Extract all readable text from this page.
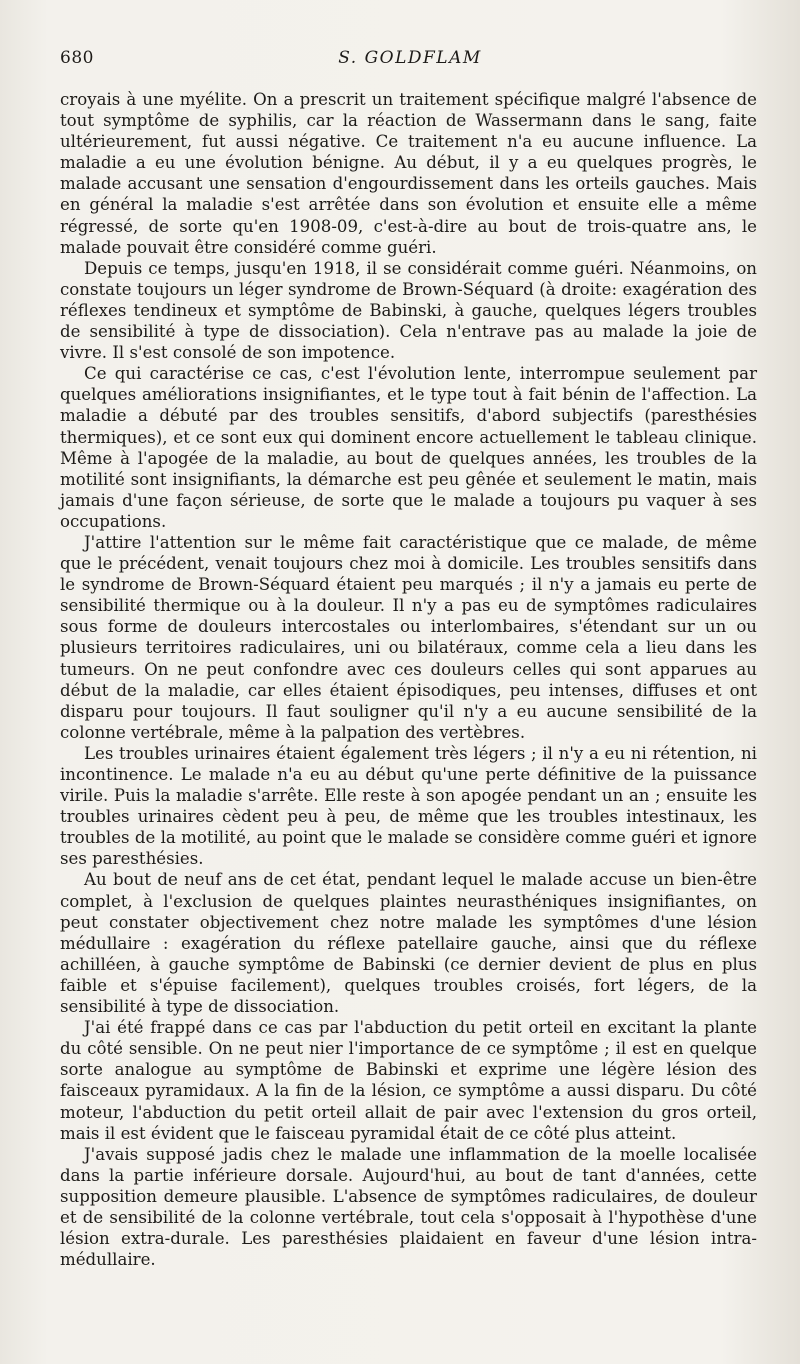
680	S. GOLDFLAM

croyais à une myélite. On a prescrit un traitement spécifique malgré l'absence de tout symptôme de syphilis, car la réaction de Wassermann dans le sang, faite ultérieurement, fut aussi négative. Ce traitement n'a eu aucune influence. La maladie a eu une évolution bénigne. Au début, il y a eu quelques progrès, le malade accusant une sensation d'engourdissement dans les orteils gauches. Mais en général la maladie s'est arrêtée dans son évolution et ensuite elle a même régressé, de sorte qu'en 1908-09, c'est-à-dire au bout de trois-quatre ans, le malade pouvait être considéré comme guéri.

Depuis ce temps, jusqu'en 1918, il se considérait comme guéri. Néanmoins, on constate toujours un léger syndrome de Brown-Séquard (à droite: exagération des réflexes tendineux et symptôme de Babinski, à gauche, quelques légers troubles de sensibilité à type de dissociation). Cela n'entrave pas au malade la joie de vivre. Il s'est consolé de son impotence.

Ce qui caractérise ce cas, c'est l'évolution lente, interrompue seulement par quelques améliorations insignifiantes, et le type tout à fait bénin de l'affection. La maladie a débuté par des troubles sensitifs, d'abord subjectifs (paresthésies thermiques), et ce sont eux qui dominent encore actuellement le tableau clinique. Même à l'apogée de la maladie, au bout de quelques années, les troubles de la motilité sont insignifiants, la démarche est peu gênée et seulement le matin, mais jamais d'une façon sérieuse, de sorte que le malade a toujours pu vaquer à ses occupations.

J'attire l'attention sur le même fait caractéristique que ce malade, de même que le précédent, venait toujours chez moi à domicile. Les troubles sensitifs dans le syndrome de Brown-Séquard étaient peu marqués ; il n'y a jamais eu perte de sensibilité thermique ou à la douleur. Il n'y a pas eu de symptômes radiculaires sous forme de douleurs intercostales ou interlombaires, s'étendant sur un ou plusieurs territoires radiculaires, uni ou bilatéraux, comme cela a lieu dans les tumeurs. On ne peut confondre avec ces douleurs celles qui sont apparues au début de la maladie, car elles étaient épisodiques, peu intenses, diffuses et ont disparu pour toujours. Il faut souligner qu'il n'y a eu aucune sensibilité de la colonne vertébrale, même à la palpation des vertèbres.

Les troubles urinaires étaient également très légers ; il n'y a eu ni rétention, ni incontinence. Le malade n'a eu au début qu'une perte définitive de la puissance virile. Puis la maladie s'arrête. Elle reste à son apogée pendant un an ; ensuite les troubles urinaires cèdent peu à peu, de même que les troubles intestinaux, les troubles de la motilité, au point que le malade se considère comme guéri et ignore ses paresthésies.

Au bout de neuf ans de cet état, pendant lequel le malade accuse un bien-être complet, à l'exclusion de quelques plaintes neurasthéniques insignifiantes, on peut constater objectivement chez notre malade les symptômes d'une lésion médullaire : exagération du réflexe patellaire gauche, ainsi que du réflexe achilléen, à gauche symptôme de Babinski (ce dernier devient de plus en plus faible et s'épuise facilement), quelques troubles croisés, fort légers, de la sensibilité à type de dissociation.

J'ai été frappé dans ce cas par l'abduction du petit orteil en excitant la plante du côté sensible. On ne peut nier l'importance de ce symptôme ; il est en quelque sorte analogue au symptôme de Babinski et exprime une légère lésion des faisceaux pyramidaux. A la fin de la lésion, ce symptôme a aussi disparu. Du côté moteur, l'abduction du petit orteil allait de pair avec l'extension du gros orteil, mais il est évident que le faisceau pyramidal était de ce côté plus atteint.

J'avais supposé jadis chez le malade une inflammation de la moelle localisée dans la partie inférieure dorsale. Aujourd'hui, au bout de tant d'années, cette supposition demeure plausible. L'absence de symptômes radiculaires, de douleur et de sensibilité de la colonne vertébrale, tout cela s'opposait à l'hypothèse d'une lésion extra-durale. Les paresthésies plaidaient en faveur d'une lésion intra-médullaire.
